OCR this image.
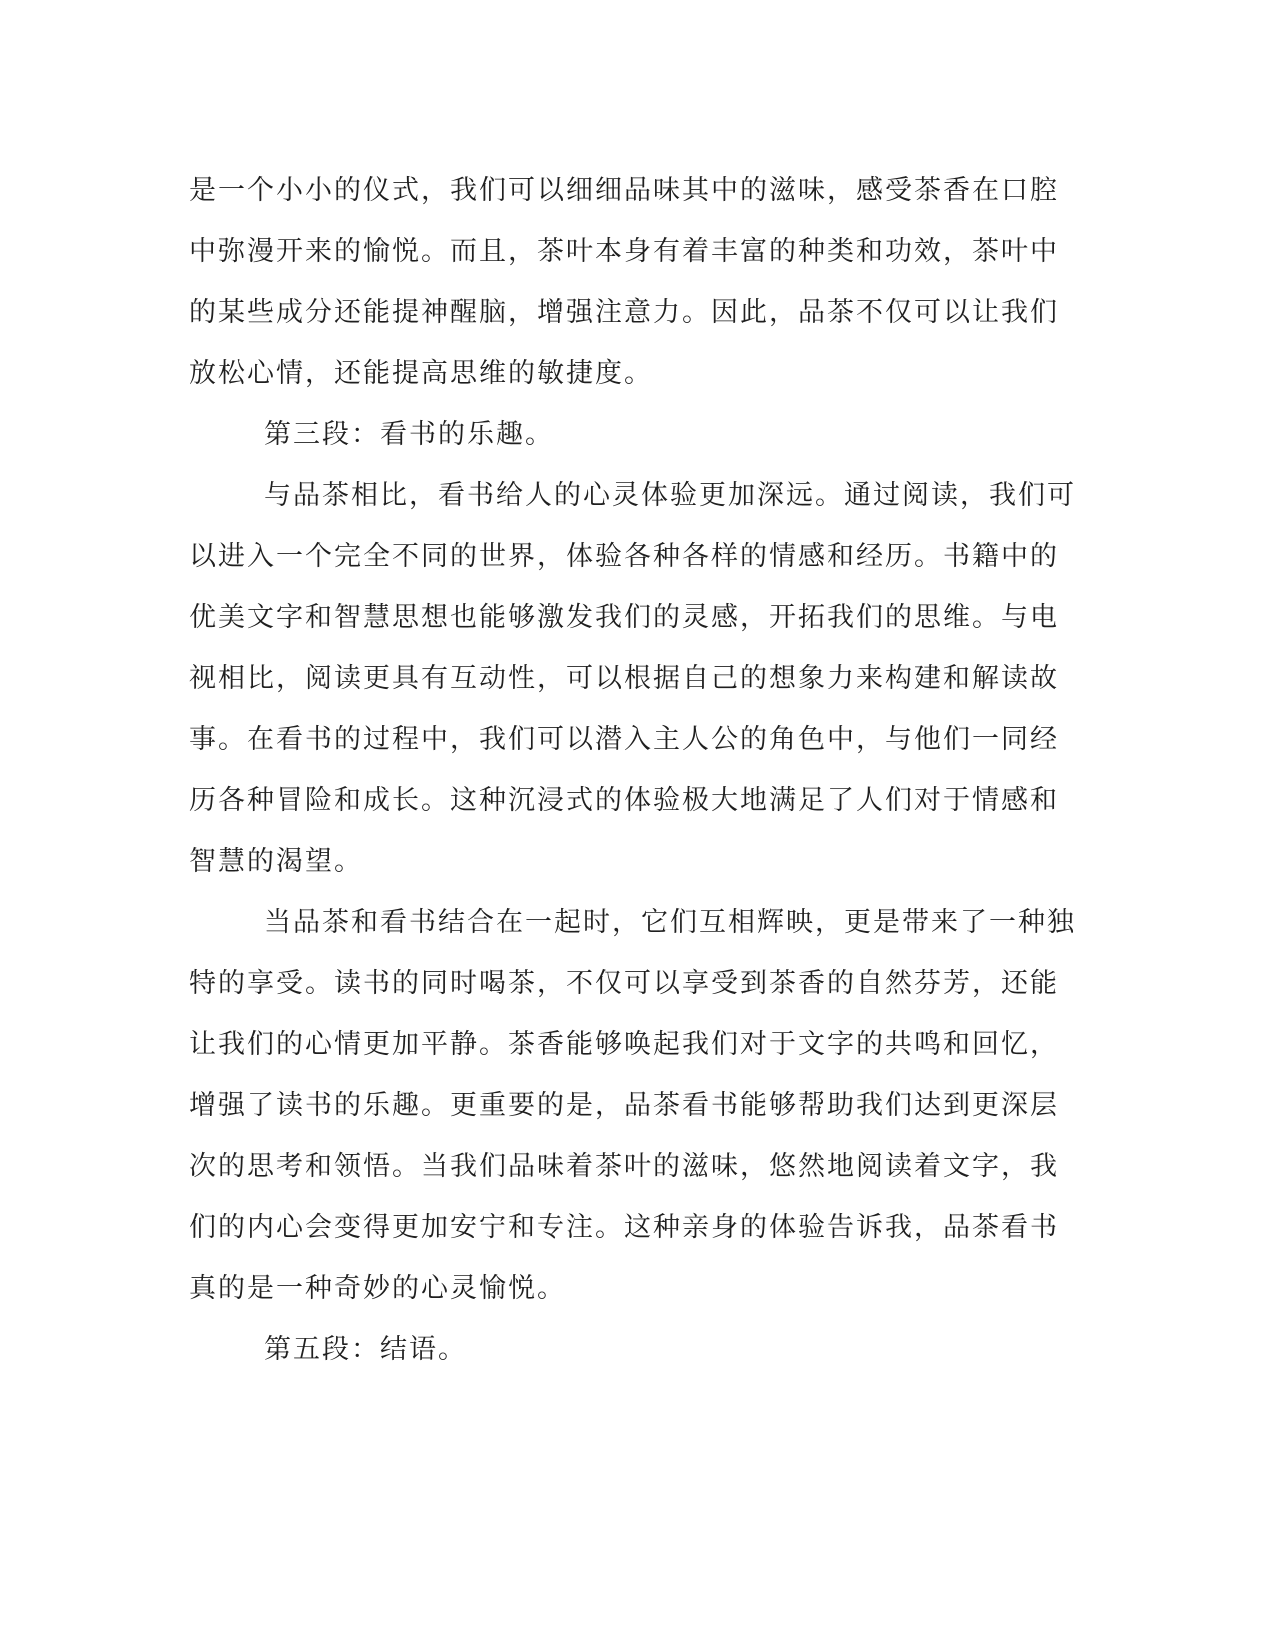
是一个小小的仪式，我们可以细细品味其中的滋味，感受茶香在口腔
中弥漫开来的愉悦。而且，茶叶本身有着丰富的种类和功效，茶叶中
的某些成分还能提神醒脑，增强注意力。因此，品茶不仅可以让我们
放松心情，还能提高思维的敏捷度。
第三段：看书的乐趣。
与品茶相比，看书给人的心灵体验更加深远。通过阅读，我们可
以进入一个完全不同的世界，体验各种各样的情感和经历。书籍中的
优美文字和智慧思想也能够激发我们的灵感，开拓我们的思维。与电
视相比，阅读更具有互动性，可以根据自己的想象力来构建和解读故
事。在看书的过程中，我们可以潜入主人公的角色中，与他们一同经
历各种冒险和成长。这种沉浸式的体验极大地满足了人们对于情感和
智慧的渴望。
当品茶和看书结合在一起时，它们互相辉映，更是带来了一种独
特的享受。读书的同时喝茶，不仅可以享受到茶香的自然芬芳，还能
让我们的心情更加平静。茶香能够唤起我们对于文字的共鸣和回忆，
增强了读书的乐趣。更重要的是，品茶看书能够帮助我们达到更深层
次的思考和领悟。当我们品味着茶叶的滋味，悠然地阅读着文字，我
们的内心会变得更加安宁和专注。这种亲身的体验告诉我，品茶看书
真的是一种奇妙的心灵愉悦。
第五段：结语。
